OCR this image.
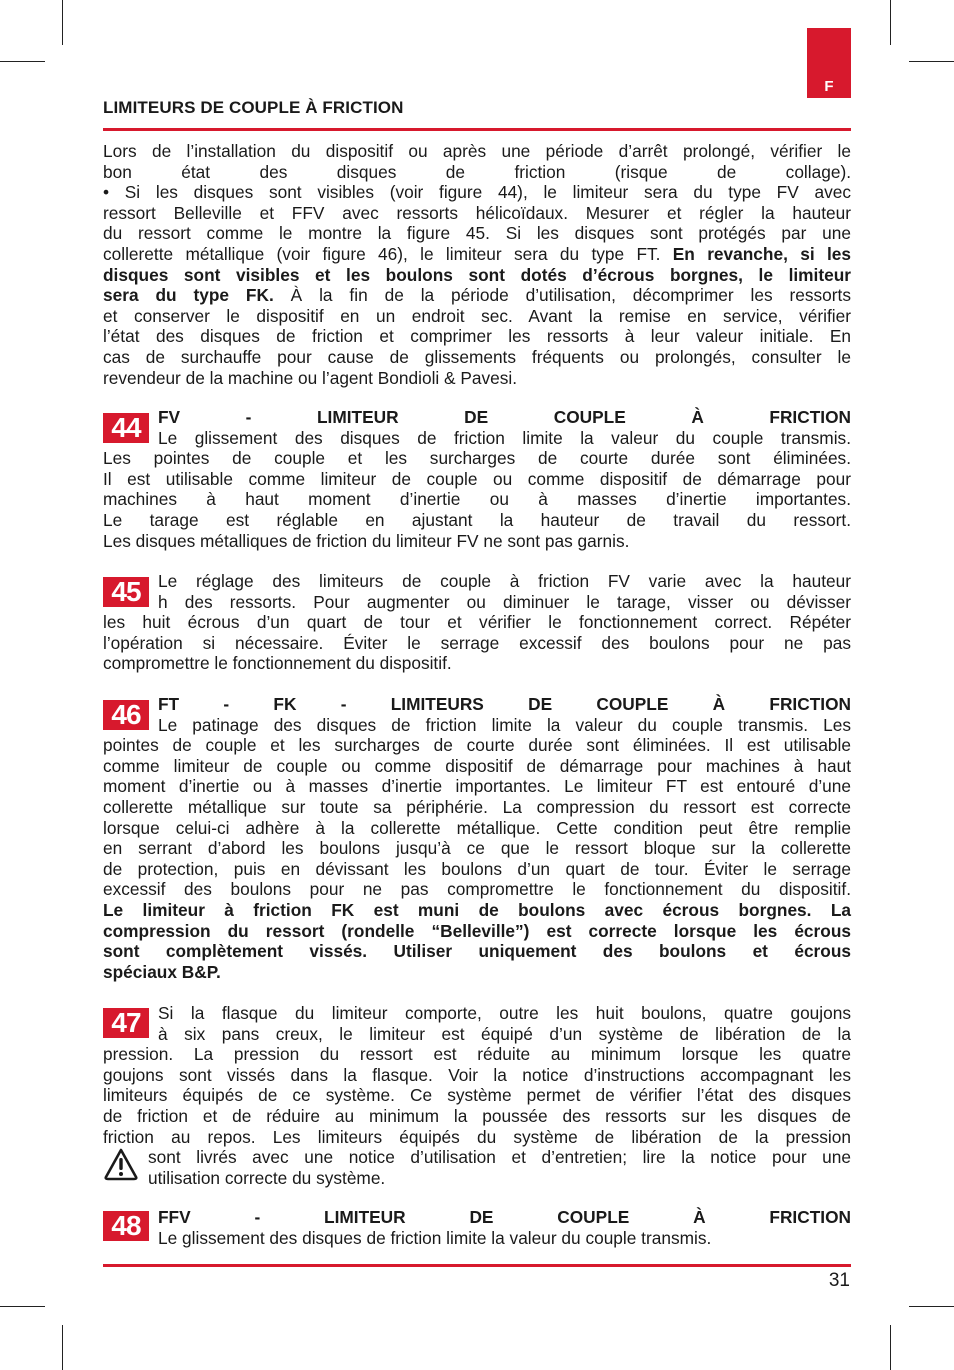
F
LIMITEURS DE COUPLE À FRICTION
Lors de l’installation du dispositif ou après une période d’arrêt prolongé, vérifier le
bon état des disques de friction (risque de collage).
• Si les disques sont visibles (voir figure 44), le limiteur sera du type FV avec
ressort Belleville et FFV avec ressorts hélicoïdaux. Mesurer et régler la hauteur
du ressort comme le montre la figure 45. Si les disques sont protégés par une
collerette métallique (voir figure 46), le limiteur sera du type FT. En revanche, si les
disques sont visibles et les boulons sont dotés d’écrous borgnes, le limiteur
sera du type FK. À la fin de la période d’utilisation, décomprimer les ressorts
et conserver le dispositif en un endroit sec. Avant la remise en service, vérifier
l’état des disques de friction et comprimer les ressorts à leur valeur initiale. En
cas de surchauffe pour cause de glissements fréquents ou prolongés, consulter le
revendeur de la machine ou l’agent Bondioli & Pavesi.
44	FV - LIMITEUR DE COUPLE À FRICTION
Le glissement des disques de friction limite la valeur du couple transmis.
Les pointes de couple et les surcharges de courte durée sont éliminées.
Il est utilisable comme limiteur de couple ou comme dispositif de démarrage pour
machines à haut moment d’inertie ou à masses d’inertie importantes.
Le tarage est réglable en ajustant la hauteur de travail du ressort.
Les disques métalliques de friction du limiteur FV ne sont pas garnis.
45	Le réglage des limiteurs de couple à friction FV varie avec la hauteur
h des ressorts. Pour augmenter ou diminuer le tarage, visser ou dévisser
les huit écrous d’un quart de tour et vérifier le fonctionnement correct. Répéter
l’opération si nécessaire. Éviter le serrage excessif des boulons pour ne pas
compromettre le fonctionnement du dispositif.
46	FT - FK - LIMITEURS DE COUPLE À FRICTION
Le patinage des disques de friction limite la valeur du couple transmis. Les
pointes de couple et les surcharges de courte durée sont éliminées. Il est utilisable
comme limiteur de couple ou comme dispositif de démarrage pour machines à haut
moment d’inertie ou à masses d’inertie importantes. Le limiteur FT est entouré d’une
collerette métallique sur toute sa périphérie. La compression du ressort est correcte
lorsque celui-ci adhère à la collerette métallique. Cette condition peut être remplie
en serrant d’abord les boulons jusqu’à ce que le ressort bloque sur la collerette
de protection, puis en dévissant les boulons d’un quart de tour. Éviter le serrage
excessif des boulons pour ne pas compromettre le fonctionnement du dispositif.
Le limiteur à friction FK est muni de boulons avec écrous borgnes. La
compression du ressort (rondelle “Belleville”) est correcte lorsque les écrous
sont complètement vissés. Utiliser uniquement des boulons et écrous
spéciaux B&P.
47	Si la flasque du limiteur comporte, outre les huit boulons, quatre goujons
à six pans creux, le limiteur est équipé d’un système de libération de la
pression. La pression du ressort est réduite au minimum lorsque les quatre
goujons sont vissés dans la flasque. Voir la notice d’instructions accompagnant les
limiteurs équipés de ce système. Ce système permet de vérifier l’état des disques
de friction et de réduire au minimum la poussée des ressorts sur les disques de
friction au repos. Les limiteurs équipés du système de libération de la pression
sont livrés avec une notice d’utilisation et d’entretien; lire la notice pour une
utilisation correcte du système.
48	FFV - LIMITEUR DE COUPLE À FRICTION
Le glissement des disques de friction limite la valeur du couple transmis.
31
